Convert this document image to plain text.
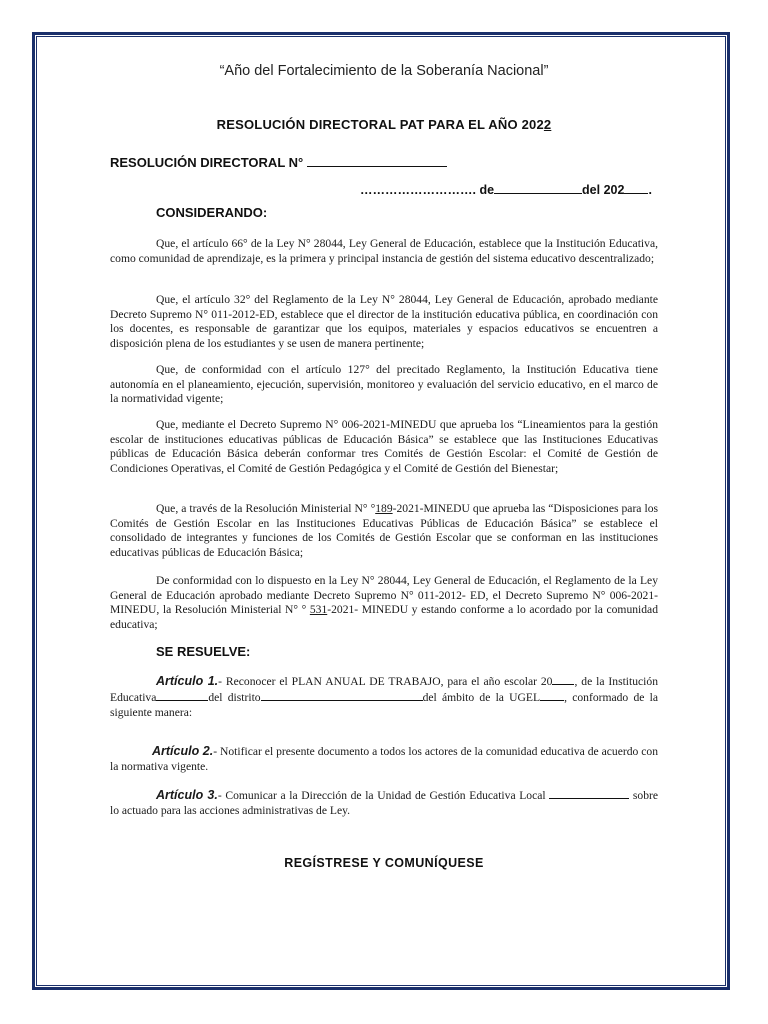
“Año del Fortalecimiento de la Soberanía Nacional”
RESOLUCIÓN DIRECTORAL PAT PARA EL AÑO 2022
RESOLUCIÓN DIRECTORAL N°
………………………. de	del 202 .
CONSIDERANDO:
Que, el artículo 66° de la Ley N° 28044, Ley General de Educación, establece que la Institución Educativa, como comunidad de aprendizaje, es la primera y principal instancia de gestión del sistema educativo descentralizado;
Que, el artículo 32° del Reglamento de la Ley N° 28044, Ley General de Educación, aprobado mediante Decreto Supremo N° 011-2012-ED, establece que el director de la institución educativa pública, en coordinación con los docentes, es responsable de garantizar que los equipos, materiales y espacios educativos se encuentren a disposición plena de los estudiantes y se usen de manera pertinente;
Que, de conformidad con el artículo 127° del precitado Reglamento, la Institución Educativa tiene autonomía en el planeamiento, ejecución, supervisión, monitoreo y evaluación del servicio educativo, en el marco de la normatividad vigente;
Que, mediante el Decreto Supremo N° 006-2021-MINEDU que aprueba los “Lineamientos para la gestión escolar de instituciones educativas públicas de Educación Básica” se establece que las Instituciones Educativas públicas de Educación Básica deberán conformar tres Comités de Gestión Escolar: el Comité de Gestión de Condiciones Operativas, el Comité de Gestión Pedagógica y el Comité de Gestión del Bienestar;
Que, a través de la Resolución Ministerial N° °189-2021-MINEDU que aprueba las “Disposiciones para los Comités de Gestión Escolar en las Instituciones Educativas Públicas de Educación Básica” se establece el consolidado de integrantes y funciones de los Comités de Gestión Escolar que se conforman en las instituciones educativas públicas de Educación Básica;
De conformidad con lo dispuesto en la Ley N° 28044, Ley General de Educación, el Reglamento de la Ley General de Educación aprobado mediante Decreto Supremo N° 011-2012- ED, el Decreto Supremo N° 006-2021-MINEDU, la Resolución Ministerial N° ° 531-2021- MINEDU y estando conforme a lo acordado por la comunidad educativa;
SE RESUELVE:
Artículo 1.- Reconocer el PLAN ANUAL DE TRABAJO, para el año escolar 20 , de la Institución Educativa	del distrito	del ámbito de la UGEL , conformado de la siguiente manera:
Artículo 2.- Notificar el presente documento a todos los actores de la comunidad educativa de acuerdo con la normativa vigente.
Artículo 3.- Comunicar a la Dirección de la Unidad de Gestión Educativa Local	sobre lo actuado para las acciones administrativas de Ley.
REGÍSTRESE Y COMUNÍQUESE
